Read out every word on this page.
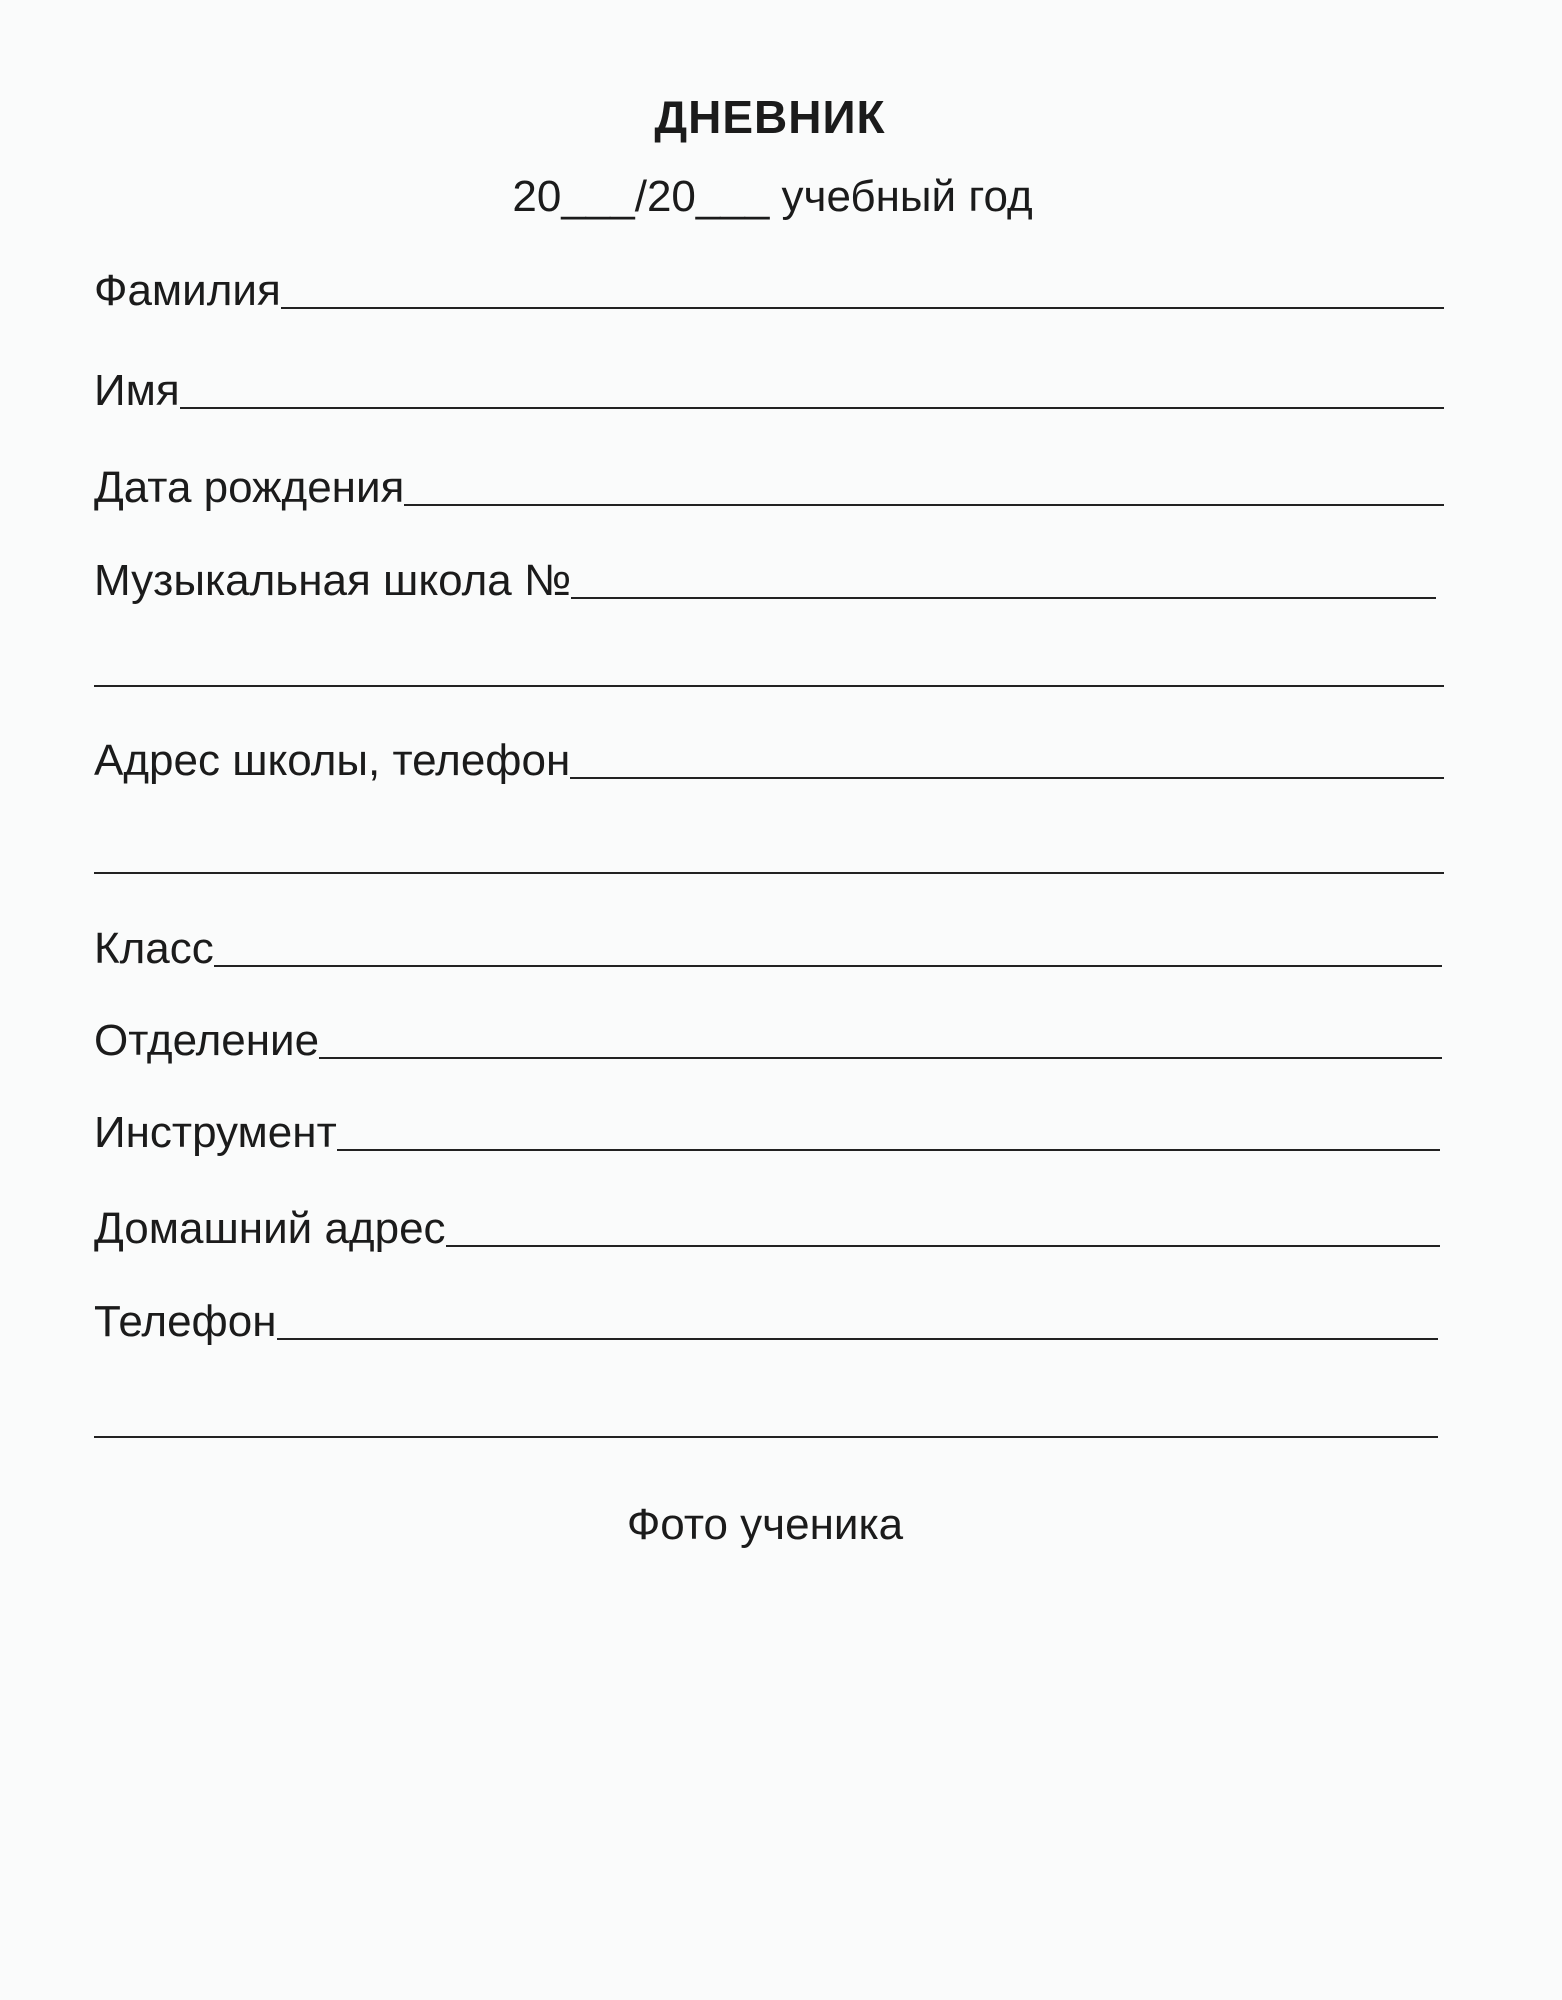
ДНЕВНИК
20___/20___ учебный год
Фамилия
Имя
Дата рождения
Музыкальная школа №
Адрес школы, телефон
Класс
Отделение
Инструмент
Домашний адрес
Телефон
Фото ученика
